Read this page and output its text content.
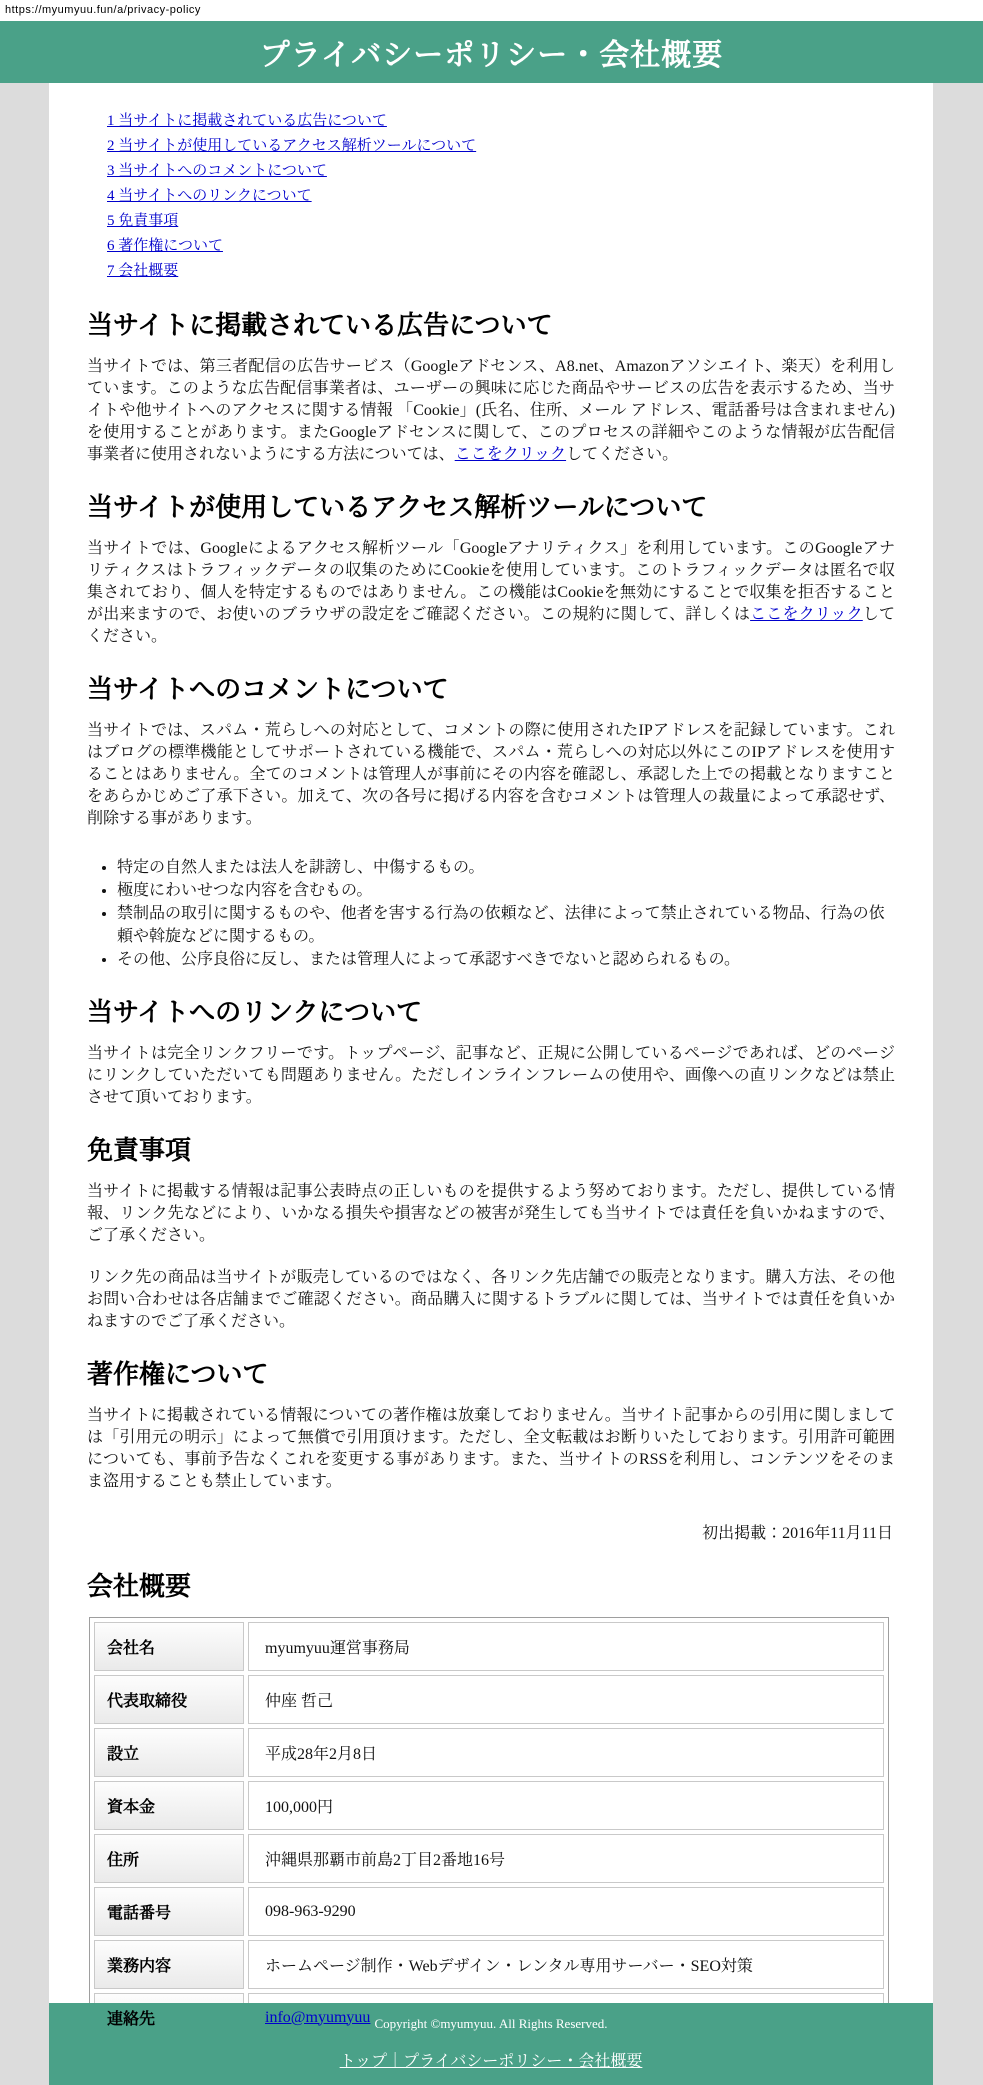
https://myumyuu.fun/a/privacy-policy
プライバシーポリシー・会社概要
1 当サイトに掲載されている広告について
2 当サイトが使用しているアクセス解析ツールについて
3 当サイトへのコメントについて
4 当サイトへのリンクについて
5 免責事項
6 著作権について
7 会社概要
当サイトに掲載されている広告について

当サイトでは、第三者配信の広告サービス（Googleアドセンス、A8.net、Amazonアソシエイト、楽天）を利用しています。このような広告配信事業者は、ユーザーの興味に応じた商品やサービスの広告を表示するため、当サイトや他サイトへのアクセスに関する情報 「Cookie」(氏名、住所、メール アドレス、電話番号は含まれません) を使用することがあります。またGoogleアドセンスに関して、このプロセスの詳細やこのような情報が広告配信事業者に使用されないようにする方法については、ここをクリックしてください。

当サイトが使用しているアクセス解析ツールについて

当サイトでは、Googleによるアクセス解析ツール「Googleアナリティクス」を利用しています。このGoogleアナリティクスはトラフィックデータの収集のためにCookieを使用しています。このトラフィックデータは匿名で収集されており、個人を特定するものではありません。この機能はCookieを無効にすることで収集を拒否することが出来ますので、お使いのブラウザの設定をご確認ください。この規約に関して、詳しくはここをクリックしてください。

当サイトへのコメントについて

当サイトでは、スパム・荒らしへの対応として、コメントの際に使用されたIPアドレスを記録しています。これはブログの標準機能としてサポートされている機能で、スパム・荒らしへの対応以外にこのIPアドレスを使用することはありません。全てのコメントは管理人が事前にその内容を確認し、承認した上での掲載となりますことをあらかじめご了承下さい。加えて、次の各号に掲げる内容を含むコメントは管理人の裁量によって承認せず、削除する事があります。

• 特定の自然人または法人を誹謗し、中傷するもの。
• 極度にわいせつな内容を含むもの。
• 禁制品の取引に関するものや、他者を害する行為の依頼など、法律によって禁止されている物品、行為の依頼や斡旋などに関するもの。
• その他、公序良俗に反し、または管理人によって承認すべきでないと認められるもの。
当サイトへのリンクについて

当サイトは完全リンクフリーです。トップページ、記事など、正規に公開しているページであれば、どのページにリンクしていただいても問題ありません。ただしインラインフレームの使用や、画像への直リンクなどは禁止させて頂いております。

免責事項

当サイトに掲載する情報は記事公表時点の正しいものを提供するよう努めております。ただし、提供している情報、リンク先などにより、いかなる損失や損害などの被害が発生しても当サイトでは責任を負いかねますので、ご了承ください。

リンク先の商品は当サイトが販売しているのではなく、各リンク先店舗での販売となります。購入方法、その他お問い合わせは各店舗までご確認ください。商品購入に関するトラブルに関しては、当サイトでは責任を負いかねますのでご了承ください。

著作権について

当サイトに掲載されている情報についての著作権は放棄しておりません。当サイト記事からの引用に関しましては「引用元の明示」によって無償で引用頂けます。ただし、全文転載はお断りいたしております。引用許可範囲についても、事前予告なくこれを変更する事があります。また、当サイトのRSSを利用し、コンテンツをそのまま盗用することも禁止しています。

初出掲載：2016年11月11日
会社概要
会社名	myumyuu運営事務局
代表取締役	仲座 哲己
設立	平成28年2月8日
資本金	100,000円
住所	沖縄県那覇市前島2丁目2番地16号
電話番号	098-963-9290
業務内容	ホームページ制作・Webデザイン・レンタル専用サーバー・SEO対策
連絡先	info@myumyuu Copyright ©myumyuu. All Rights Reserved.

トップ｜プライバシーポリシー・会社概要
